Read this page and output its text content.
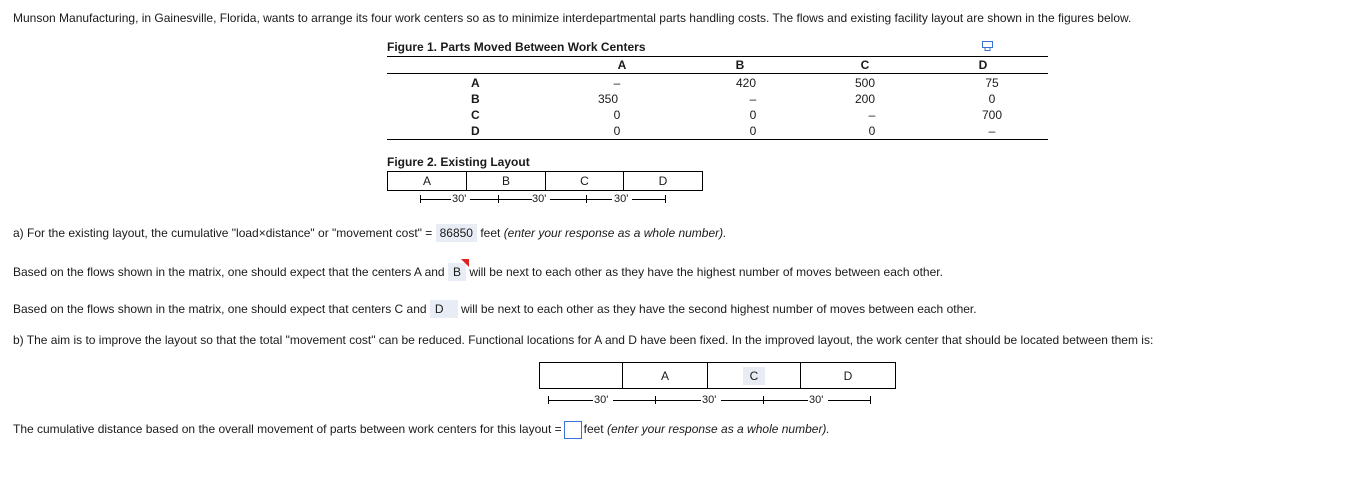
Munson Manufacturing, in Gainesville, Florida, wants to arrange its four work centers so as to minimize interdepartmental parts handling costs. The flows and existing facility layout are shown in the figures below.
Figure 1. Parts Moved Between Work Centers
A	B	C	D
A	–	420	500	75
B	350	–	200	0
C	0	0	–	700
D	0	0	0	–
Figure 2. Existing Layout
A	B	C	D
30'	30'	30'
a) For the existing layout, the cumulative "load×distance" or "movement cost" = 86850 feet (enter your response as a whole number).
Based on the flows shown in the matrix, one should expect that the centers A and B will be next to each other as they have the highest number of moves between each other.
Based on the flows shown in the matrix, one should expect that centers C and D will be next to each other as they have the second highest number of moves between each other.
b) The aim is to improve the layout so that the total "movement cost" can be reduced. Functional locations for A and D have been fixed. In the improved layout, the work center that should be located between them is:
A	C	D
30'	30'	30'
The cumulative distance based on the overall movement of parts between work centers for this layout = feet (enter your response as a whole number).
